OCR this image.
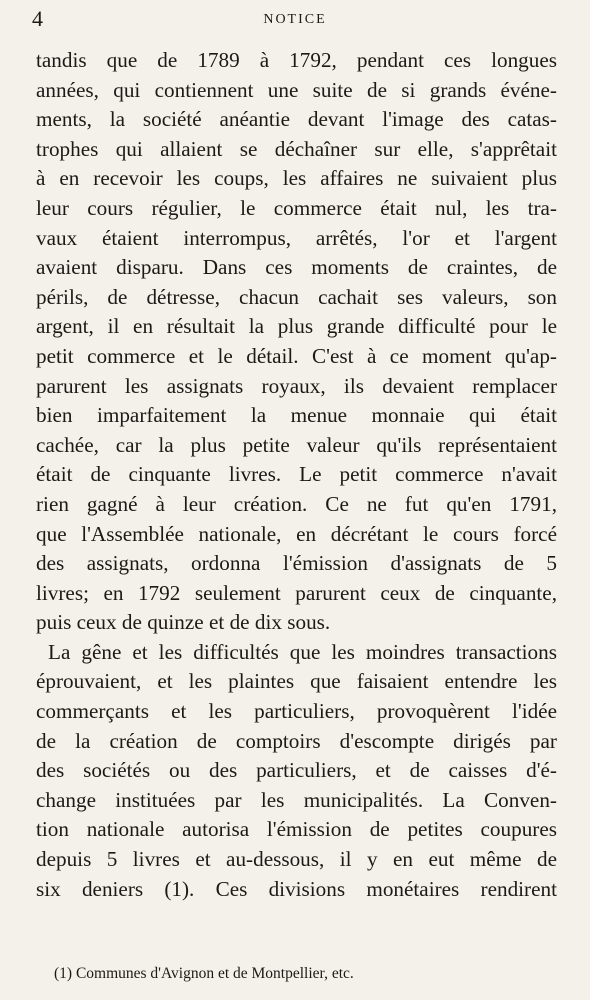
4	NOTICE
tandis que de 1789 à 1792, pendant ces longues
années, qui contiennent une suite de si grands événe-
ments, la société anéantie devant l'image des catas-
trophes qui allaient se déchaîner sur elle, s'apprêtait
à en recevoir les coups, les affaires ne suivaient plus
leur cours régulier, le commerce était nul, les tra-
vaux étaient interrompus, arrêtés, l'or et l'argent
avaient disparu. Dans ces moments de craintes, de
périls, de détresse, chacun cachait ses valeurs, son
argent, il en résultait la plus grande difficulté pour le
petit commerce et le détail. C'est à ce moment qu'ap-
parurent les assignats royaux, ils devaient remplacer
bien imparfaitement la menue monnaie qui était
cachée, car la plus petite valeur qu'ils représentaient
était de cinquante livres. Le petit commerce n'avait
rien gagné à leur création. Ce ne fut qu'en 1791,
que l'Assemblée nationale, en décrétant le cours forcé
des assignats, ordonna l'émission d'assignats de 5
livres; en 1792 seulement parurent ceux de cinquante,
puis ceux de quinze et de dix sous.
La gêne et les difficultés que les moindres transactions
éprouvaient, et les plaintes que faisaient entendre les
commerçants et les particuliers, provoquèrent l'idée
de la création de comptoirs d'escompte dirigés par
des sociétés ou des particuliers, et de caisses d'é-
change instituées par les municipalités. La Conven-
tion nationale autorisa l'émission de petites coupures
depuis 5 livres et au-dessous, il y en eut même de
six deniers (1). Ces divisions monétaires rendirent
(1) Communes d'Avignon et de Montpellier, etc.
